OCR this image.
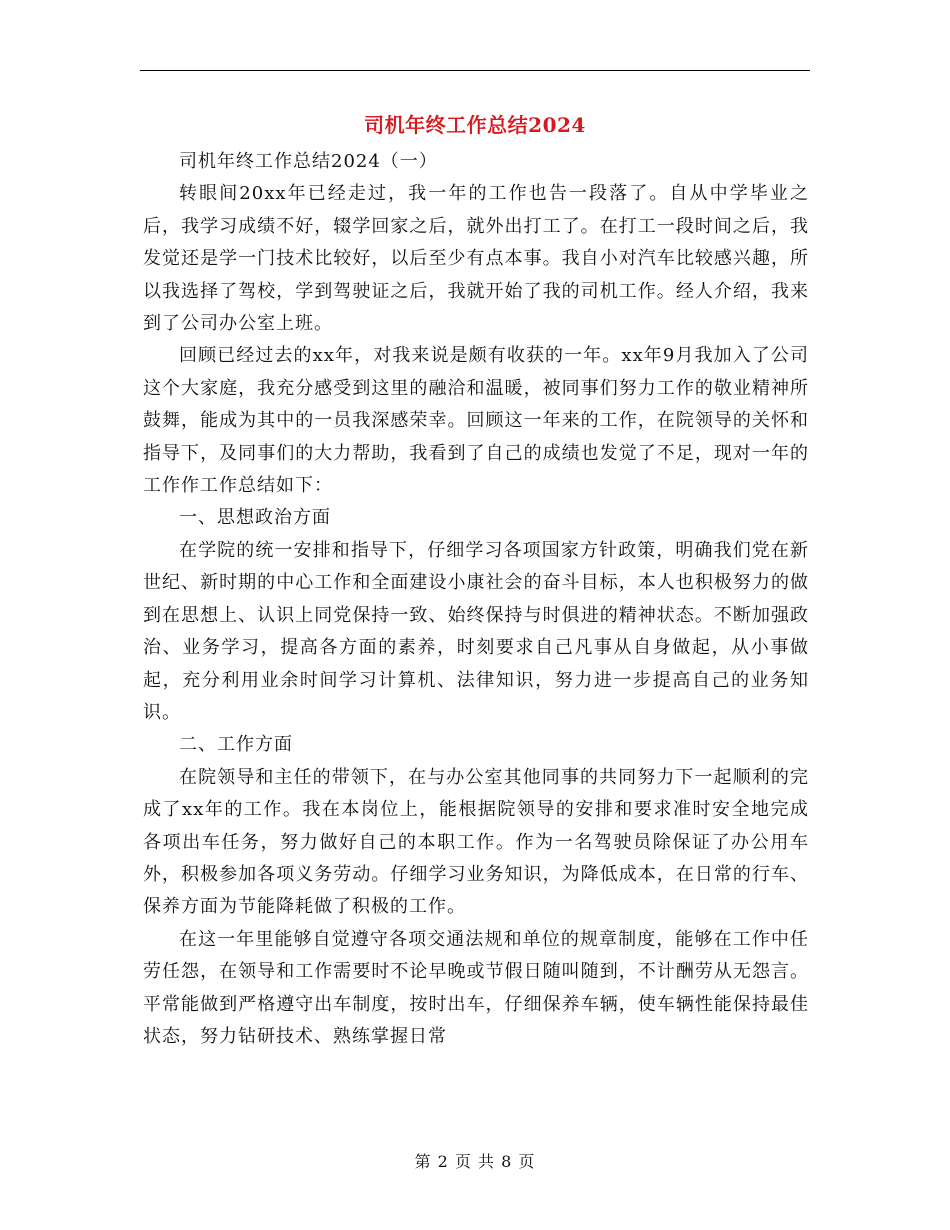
司机年终工作总结2024

司机年终工作总结2024（一）

转眼间20xx年已经走过，我一年的工作也告一段落了。自从中学毕业之后，我学习成绩不好，辍学回家之后，就外出打工了。在打工一段时间之后，我发觉还是学一门技术比较好，以后至少有点本事。我自小对汽车比较感兴趣，所以我选择了驾校，学到驾驶证之后，我就开始了我的司机工作。经人介绍，我来到了公司办公室上班。

回顾已经过去的xx年，对我来说是颇有收获的一年。xx年9月我加入了公司这个大家庭，我充分感受到这里的融洽和温暖，被同事们努力工作的敬业精神所鼓舞，能成为其中的一员我深感荣幸。回顾这一年来的工作，在院领导的关怀和指导下，及同事们的大力帮助，我看到了自己的成绩也发觉了不足，现对一年的工作作工作总结如下：

一、思想政治方面

在学院的统一安排和指导下，仔细学习各项国家方针政策，明确我们党在新世纪、新时期的中心工作和全面建设小康社会的奋斗目标，本人也积极努力的做到在思想上、认识上同党保持一致、始终保持与时俱进的精神状态。不断加强政治、业务学习，提高各方面的素养，时刻要求自己凡事从自身做起，从小事做起，充分利用业余时间学习计算机、法律知识，努力进一步提高自己的业务知识。

二、工作方面

在院领导和主任的带领下，在与办公室其他同事的共同努力下一起顺利的完成了xx年的工作。我在本岗位上，能根据院领导的安排和要求准时安全地完成各项出车任务，努力做好自己的本职工作。作为一名驾驶员除保证了办公用车外，积极参加各项义务劳动。仔细学习业务知识，为降低成本，在日常的行车、保养方面为节能降耗做了积极的工作。

在这一年里能够自觉遵守各项交通法规和单位的规章制度，能够在工作中任劳任怨，在领导和工作需要时不论早晚或节假日随叫随到，不计酬劳从无怨言。平常能做到严格遵守出车制度，按时出车，仔细保养车辆，使车辆性能保持最佳状态，努力钻研技术、熟练掌握日常

第 2 页 共 8 页
